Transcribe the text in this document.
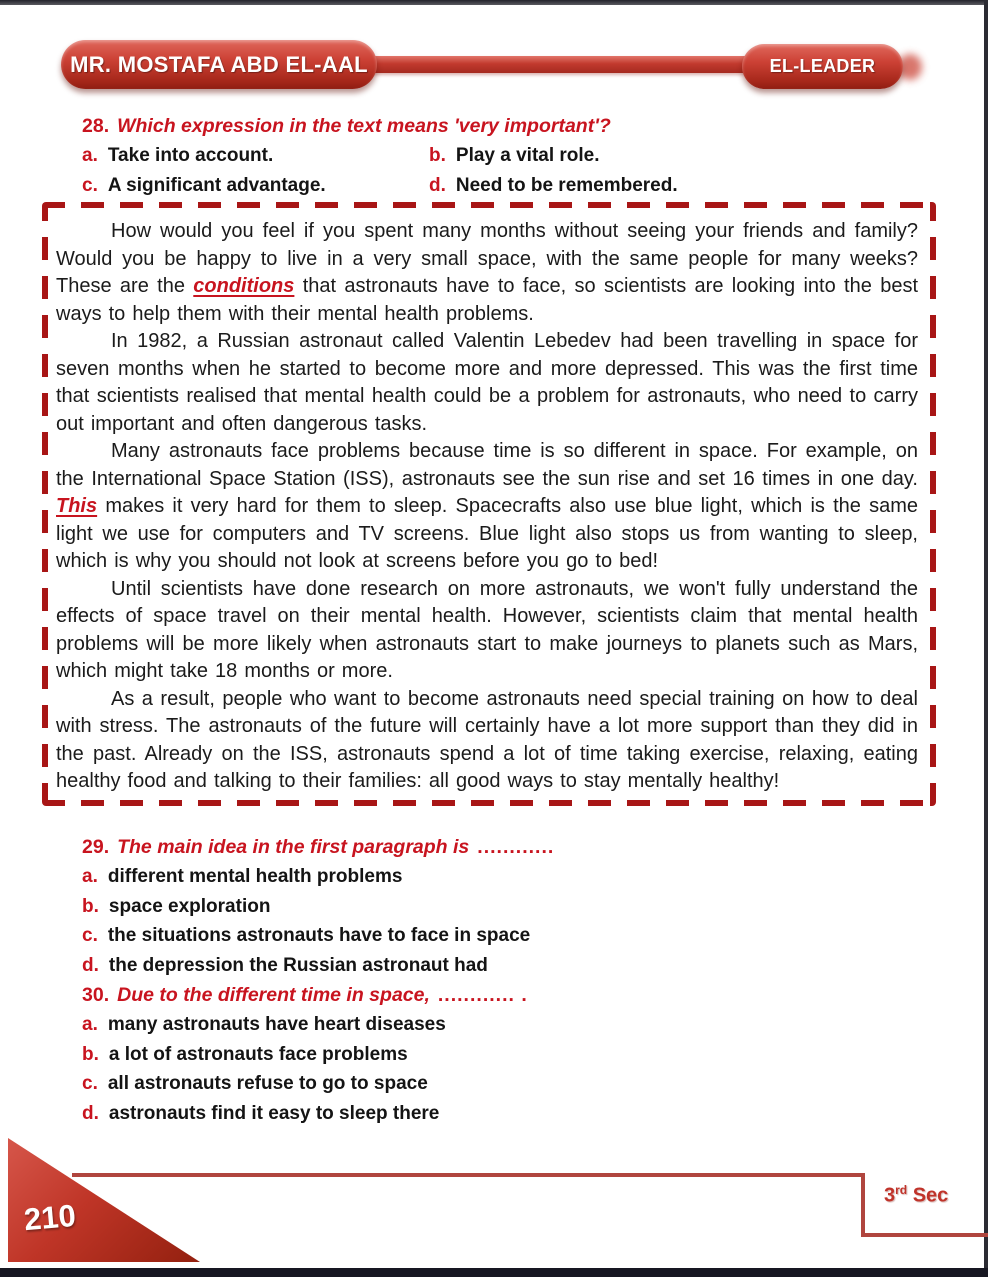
MR. MOSTAFA ABD EL-AAL	EL-LEADER
28. Which expression in the text means 'very important'?
a. Take into account.	b. Play a vital role.
c. A significant advantage.	d. Need to be remembered.

How would you feel if you spent many months without seeing your friends and family? Would you be happy to live in a very small space, with the same people for many weeks? These are the conditions that astronauts have to face, so scientists are looking into the best ways to help them with their mental health problems.

In 1982, a Russian astronaut called Valentin Lebedev had been travelling in space for seven months when he started to become more and more depressed. This was the first time that scientists realised that mental health could be a problem for astronauts, who need to carry out important and often dangerous tasks.

Many astronauts face problems because time is so different in space. For example, on the International Space Station (ISS), astronauts see the sun rise and set 16 times in one day. This makes it very hard for them to sleep. Spacecrafts also use blue light, which is the same light we use for computers and TV screens. Blue light also stops us from wanting to sleep, which is why you should not look at screens before you go to bed!

Until scientists have done research on more astronauts, we won't fully understand the effects of space travel on their mental health. However, scientists claim that mental health problems will be more likely when astronauts start to make journeys to planets such as Mars, which might take 18 months or more.

As a result, people who want to become astronauts need special training on how to deal with stress. The astronauts of the future will certainly have a lot more support than they did in the past. Already on the ISS, astronauts spend a lot of time taking exercise, relaxing, eating healthy food and talking to their families: all good ways to stay mentally healthy!

29. The main idea in the first paragraph is ............
a. different mental health problems
b. space exploration
c. the situations astronauts have to face in space
d. the depression the Russian astronaut had
30. Due to the different time in space, ............ .
a. many astronauts have heart diseases
b. a lot of astronauts face problems
c. all astronauts refuse to go to space
d. astronauts find it easy to sleep there
3rd Sec
210
